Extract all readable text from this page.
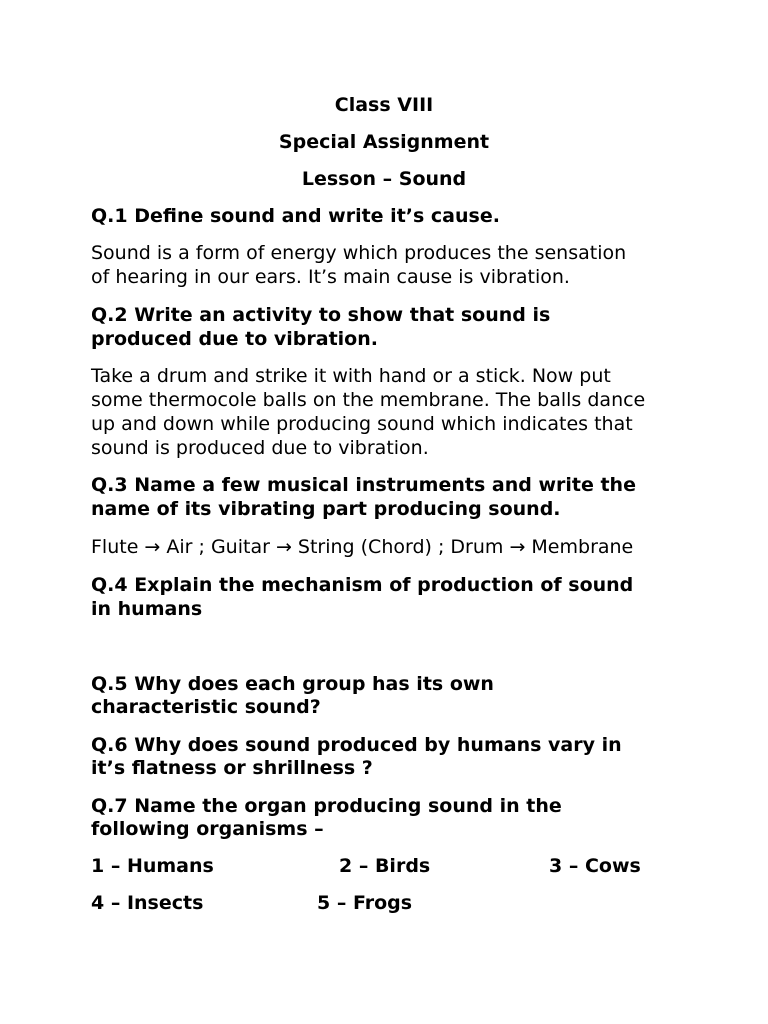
Class VIII
Special Assignment
Lesson – Sound
Q.1 Define sound and write it’s cause.
Sound is a form of energy which produces the sensation
of hearing in our ears. It’s main cause is vibration.
Q.2 Write an activity to show that sound is
produced due to vibration.
Take a drum and strike it with hand or a stick. Now put
some thermocole balls on the membrane. The balls dance
up and down while producing sound which indicates that
sound is produced due to vibration.
Q.3 Name a few musical instruments and write the
name of its vibrating part producing sound.
Flute → Air ; Guitar → String (Chord) ; Drum → Membrane
Q.4 Explain the mechanism of production of sound
in humans
Q.5 Why does each group has its own
characteristic sound?
Q.6 Why does sound produced by humans vary in
it’s flatness or shrillness ?
Q.7 Name the organ producing sound in the
following organisms –
1 – Humans	2 – Birds	3 – Cows
4 – Insects	5 – Frogs
